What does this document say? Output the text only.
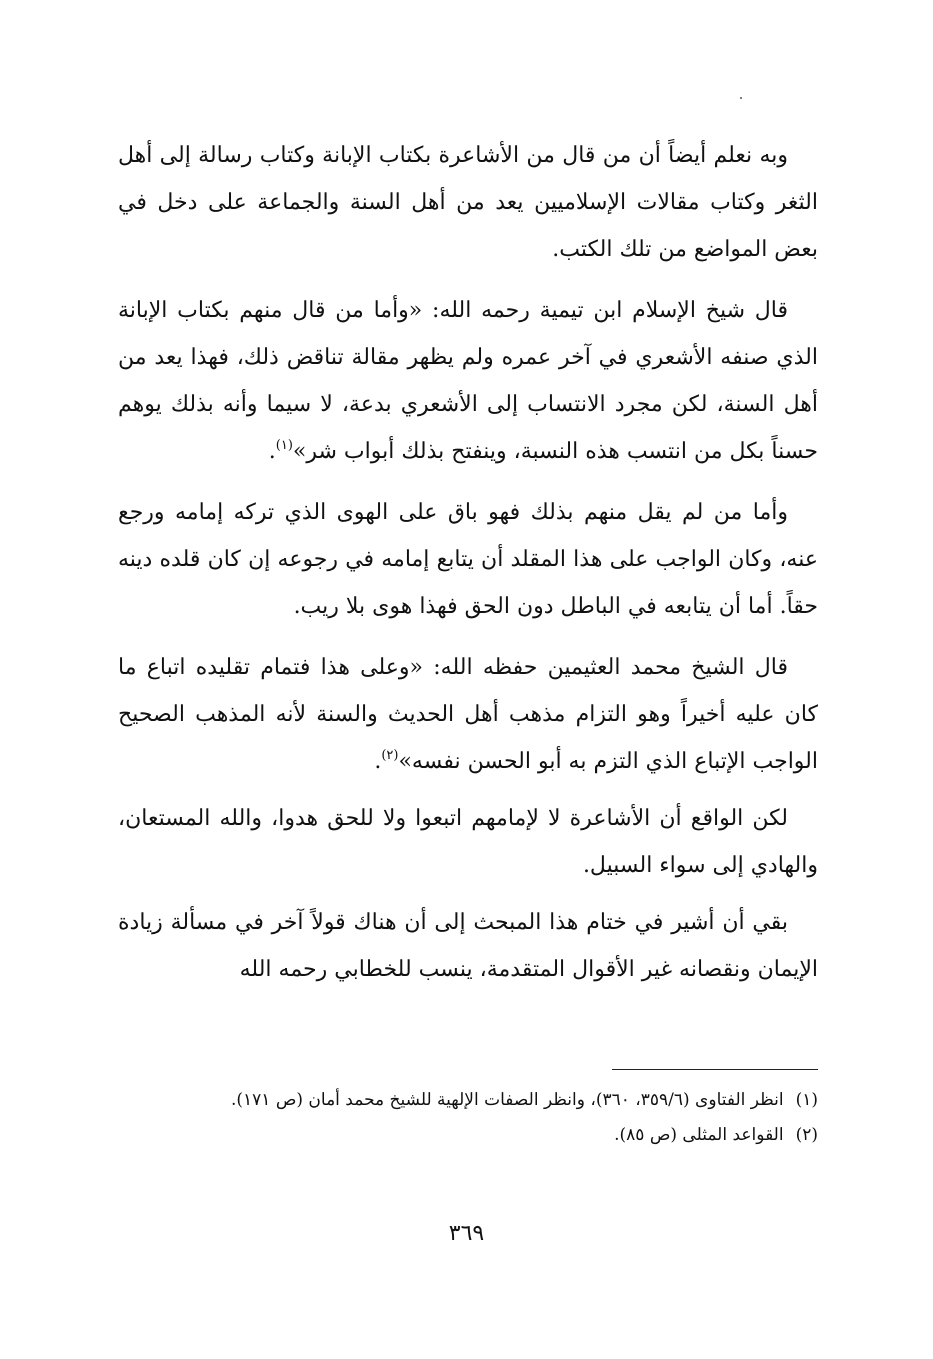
وبه نعلم أيضاً أن من قال من الأشاعرة بكتاب الإبانة وكتاب رسالة إلى أهل الثغر وكتاب مقالات الإسلاميين يعد من أهل السنة والجماعة على دخل في بعض المواضع من تلك الكتب.

قال شيخ الإسلام ابن تيمية رحمه الله: «وأما من قال منهم بكتاب الإبانة الذي صنفه الأشعري في آخر عمره ولم يظهر مقالة تناقض ذلك، فهذا يعد من أهل السنة، لكن مجرد الانتساب إلى الأشعري بدعة، لا سيما وأنه بذلك يوهم حسناً بكل من انتسب هذه النسبة، وينفتح بذلك أبواب شر»$^{(١)}$.

وأما من لم يقل منهم بذلك فهو باق على الهوى الذي تركه إمامه ورجع عنه، وكان الواجب على هذا المقلد أن يتابع إمامه في رجوعه إن كان قلده دينه حقاً. أما أن يتابعه في الباطل دون الحق فهذا هوى بلا ريب.

قال الشيخ محمد العثيمين حفظه الله: «وعلى هذا فتمام تقليده اتباع ما كان عليه أخيراً وهو التزام مذهب أهل الحديث والسنة لأنه المذهب الصحيح الواجب الإتباع الذي التزم به أبو الحسن نفسه»$^{(٢)}$.

لكن الواقع أن الأشاعرة لا لإمامهم اتبعوا ولا للحق هدوا، والله المستعان، والهادي إلى سواء السبيل.

بقي أن أشير في ختام هذا المبحث إلى أن هناك قولاً آخر في مسألة زيادة الإيمان ونقصانه غير الأقوال المتقدمة، ينسب للخطابي رحمه الله

(١)
انظر الفتاوى (٣٥٩/٦، ٣٦٠)، وانظر الصفات الإلهية للشيخ محمد أمان (ص ١٧١).
(٢)
القواعد المثلى (ص ٨٥).
٣٦٩
